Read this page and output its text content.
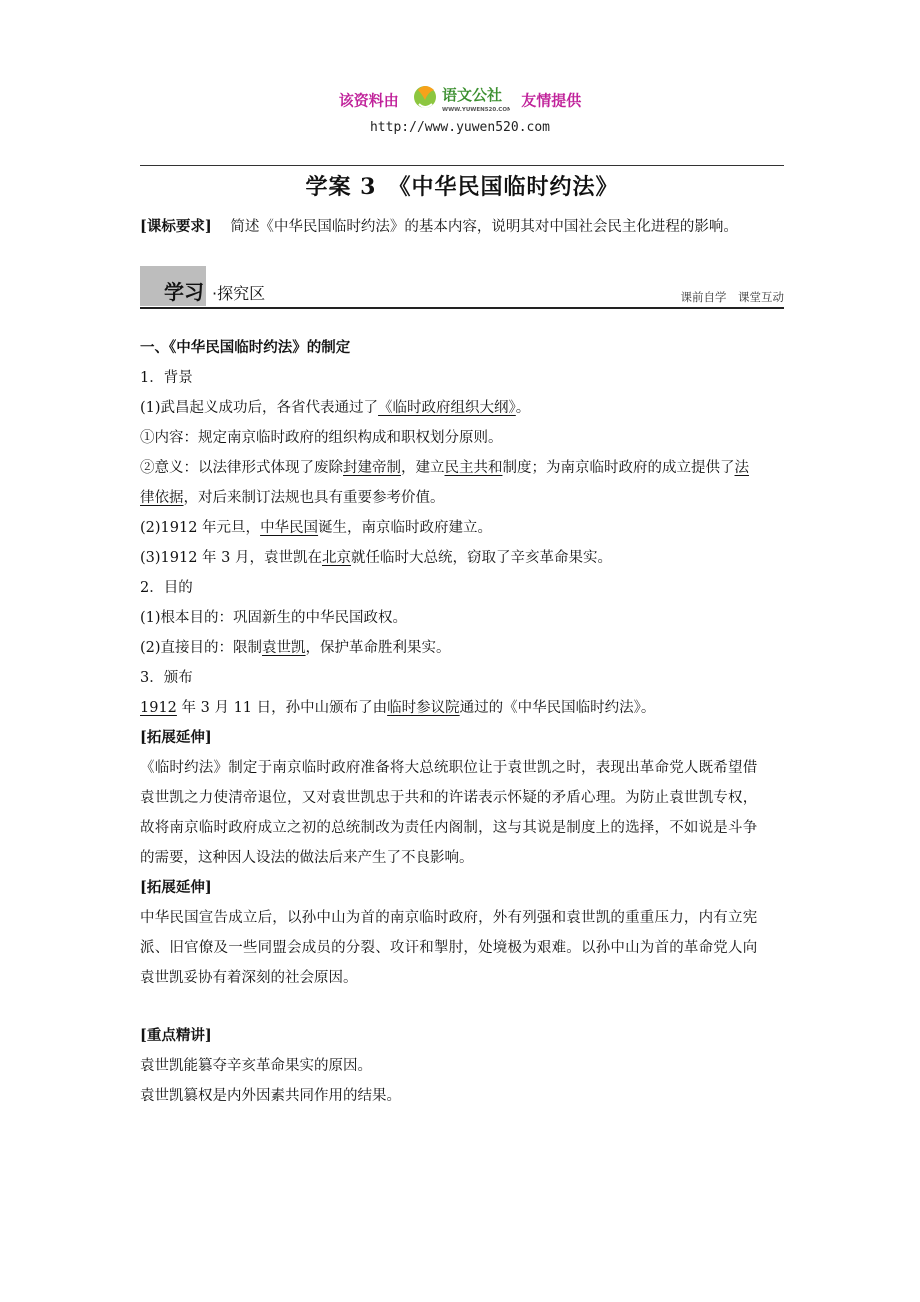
该资料由	语文公社
WWW.YUWEN520.COM
友情提供
http://www.yuwen520.com
学案 3　《中华民国临时约法》
[课标要求] 简述《中华民国临时约法》的基本内容，说明其对中国社会民主化进程的影响。
学习 ·探究区	课前自学　课堂互动
一、《中华民国临时约法》的制定
1．背景
(1)武昌起义成功后，各省代表通过了《临时政府组织大纲》。
①内容：规定南京临时政府的组织构成和职权划分原则。
②意义：以法律形式体现了废除封建帝制，建立民主共和制度；为南京临时政府的成立提供了法
律依据，对后来制订法规也具有重要参考价值。
(2)1912 年元旦，中华民国诞生，南京临时政府建立。
(3)1912 年 3 月，袁世凯在北京就任临时大总统，窃取了辛亥革命果实。
2．目的
(1)根本目的：巩固新生的中华民国政权。
(2)直接目的：限制袁世凯，保护革命胜利果实。
3．颁布
1912 年 3 月 11 日，孙中山颁布了由临时参议院通过的《中华民国临时约法》。
[拓展延伸]
《临时约法》制定于南京临时政府准备将大总统职位让于袁世凯之时，表现出革命党人既希望借
袁世凯之力使清帝退位，又对袁世凯忠于共和的许诺表示怀疑的矛盾心理。为防止袁世凯专权，
故将南京临时政府成立之初的总统制改为责任内阁制，这与其说是制度上的选择，不如说是斗争
的需要，这种因人设法的做法后来产生了不良影响。
[拓展延伸]
中华民国宣告成立后，以孙中山为首的南京临时政府，外有列强和袁世凯的重重压力，内有立宪
派、旧官僚及一些同盟会成员的分裂、攻讦和掣肘，处境极为艰难。以孙中山为首的革命党人向
袁世凯妥协有着深刻的社会原因。
[重点精讲]
袁世凯能篡夺辛亥革命果实的原因。
袁世凯篡权是内外因素共同作用的结果。
